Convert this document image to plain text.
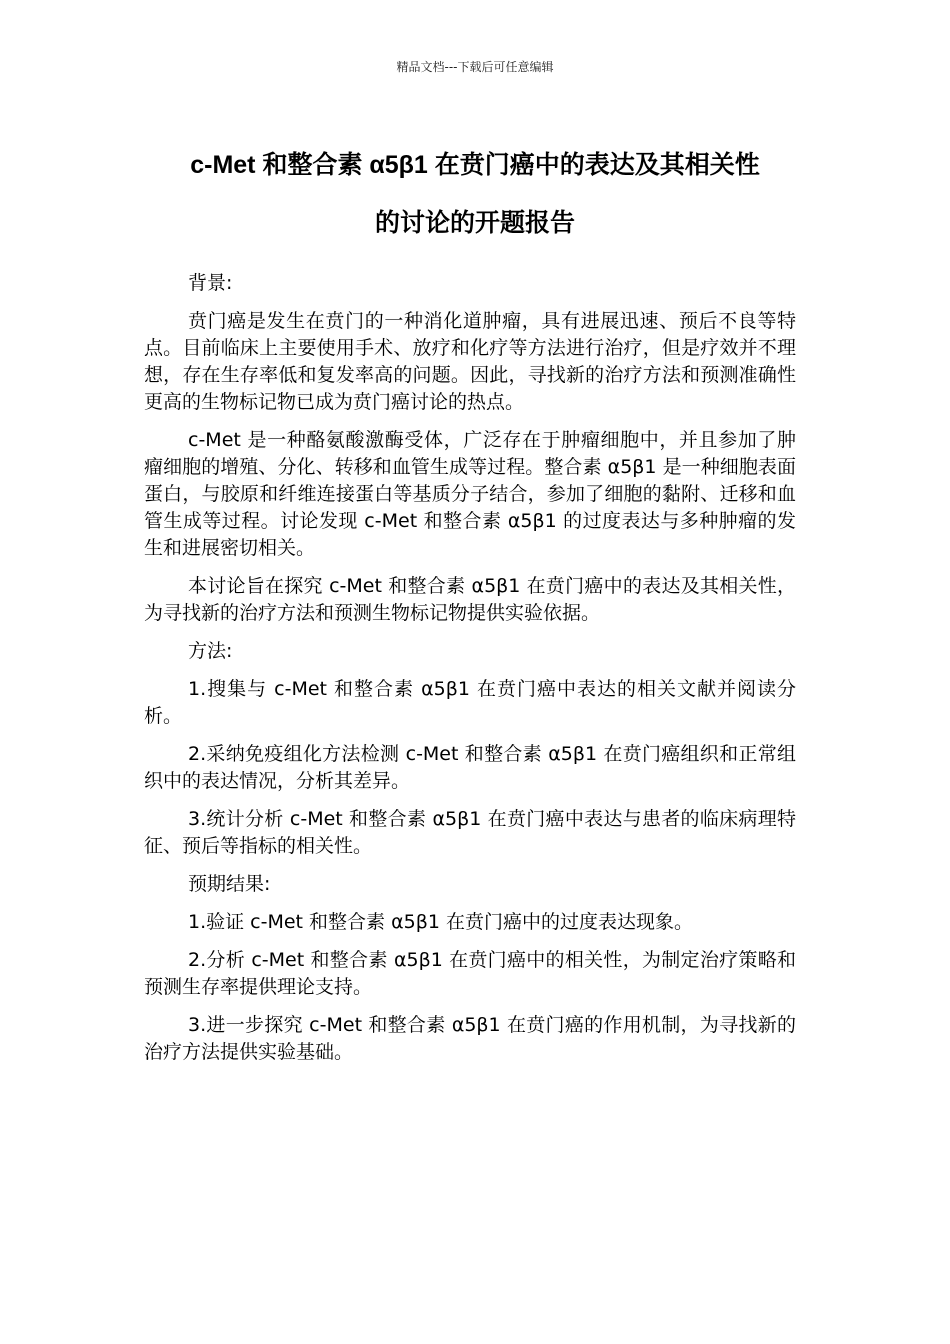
精品文档---下载后可任意编辑
c-Met 和整合素 α5β1 在贲门癌中的表达及其相关性
的讨论的开题报告

背景:

贲门癌是发生在贲门的一种消化道肿瘤，具有进展迅速、预后不良等特点。目前临床上主要使用手术、放疗和化疗等方法进行治疗，但是疗效并不理想，存在生存率低和复发率高的问题。因此，寻找新的治疗方法和预测准确性更高的生物标记物已成为贲门癌讨论的热点。

c-Met 是一种酪氨酸激酶受体，广泛存在于肿瘤细胞中，并且参加了肿瘤细胞的增殖、分化、转移和血管生成等过程。整合素 α5β1 是一种细胞表面蛋白，与胶原和纤维连接蛋白等基质分子结合，参加了细胞的黏附、迁移和血管生成等过程。讨论发现 c-Met 和整合素 α5β1 的过度表达与多种肿瘤的发生和进展密切相关。

本讨论旨在探究 c-Met 和整合素 α5β1 在贲门癌中的表达及其相关性，为寻找新的治疗方法和预测生物标记物提供实验依据。

方法:

1.搜集与 c-Met 和整合素 α5β1 在贲门癌中表达的相关文献并阅读分析。

2.采纳免疫组化方法检测 c-Met 和整合素 α5β1 在贲门癌组织和正常组织中的表达情况，分析其差异。

3.统计分析 c-Met 和整合素 α5β1 在贲门癌中表达与患者的临床病理特征、预后等指标的相关性。

预期结果:

1.验证 c-Met 和整合素 α5β1 在贲门癌中的过度表达现象。

2.分析 c-Met 和整合素 α5β1 在贲门癌中的相关性，为制定治疗策略和预测生存率提供理论支持。

3.进一步探究 c-Met 和整合素 α5β1 在贲门癌的作用机制，为寻找新的治疗方法提供实验基础。
